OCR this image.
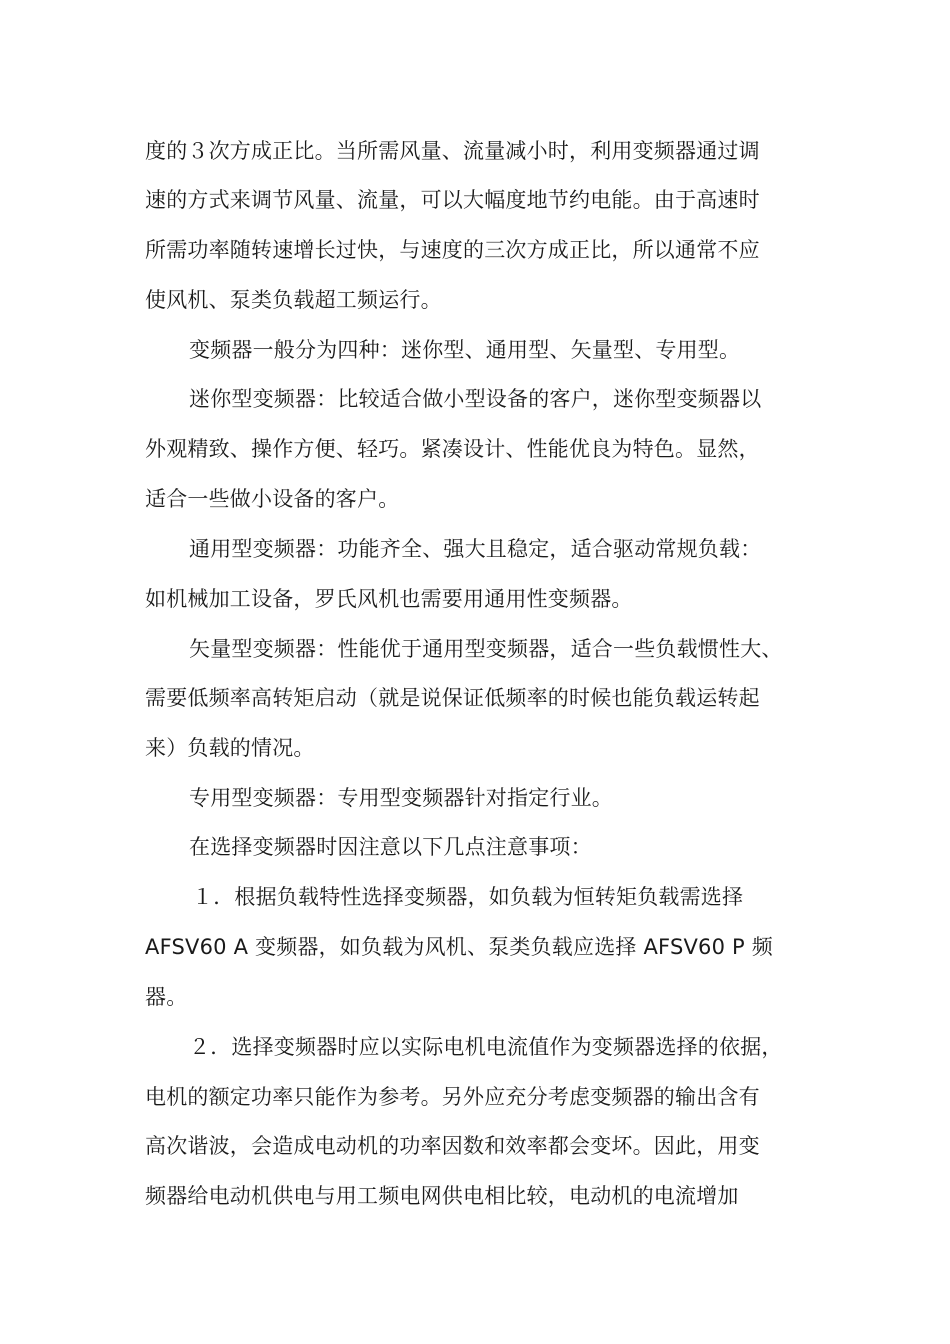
度的３次方成正比。当所需风量、流量减小时，利用变频器通过调
速的方式来调节风量、流量，可以大幅度地节约电能。由于高速时
所需功率随转速增长过快，与速度的三次方成正比，所以通常不应
使风机、泵类负载超工频运行。
变频器一般分为四种：迷你型、通用型、矢量型、专用型。
迷你型变频器：比较适合做小型设备的客户，迷你型变频器以
外观精致、操作方便、轻巧。紧凑设计、性能优良为特色。显然，
适合一些做小设备的客户。
通用型变频器：功能齐全、强大且稳定，适合驱动常规负载：
如机械加工设备，罗氏风机也需要用通用性变频器。
矢量型变频器：性能优于通用型变频器，适合一些负载惯性大、
需要低频率高转矩启动（就是说保证低频率的时候也能负载运转起
来）负载的情况。
专用型变频器：专用型变频器针对指定行业。
在选择变频器时因注意以下几点注意事项：
１．根据负载特性选择变频器，如负载为恒转矩负载需选择
AFSV60 A 变频器，如负载为风机、泵类负载应选择 AFSV60 P 频
器。
２．选择变频器时应以实际电机电流值作为变频器选择的依据，
电机的额定功率只能作为参考。另外应充分考虑变频器的输出含有
高次谐波，会造成电动机的功率因数和效率都会变坏。因此，用变
频器给电动机供电与用工频电网供电相比较，电动机的电流增加
